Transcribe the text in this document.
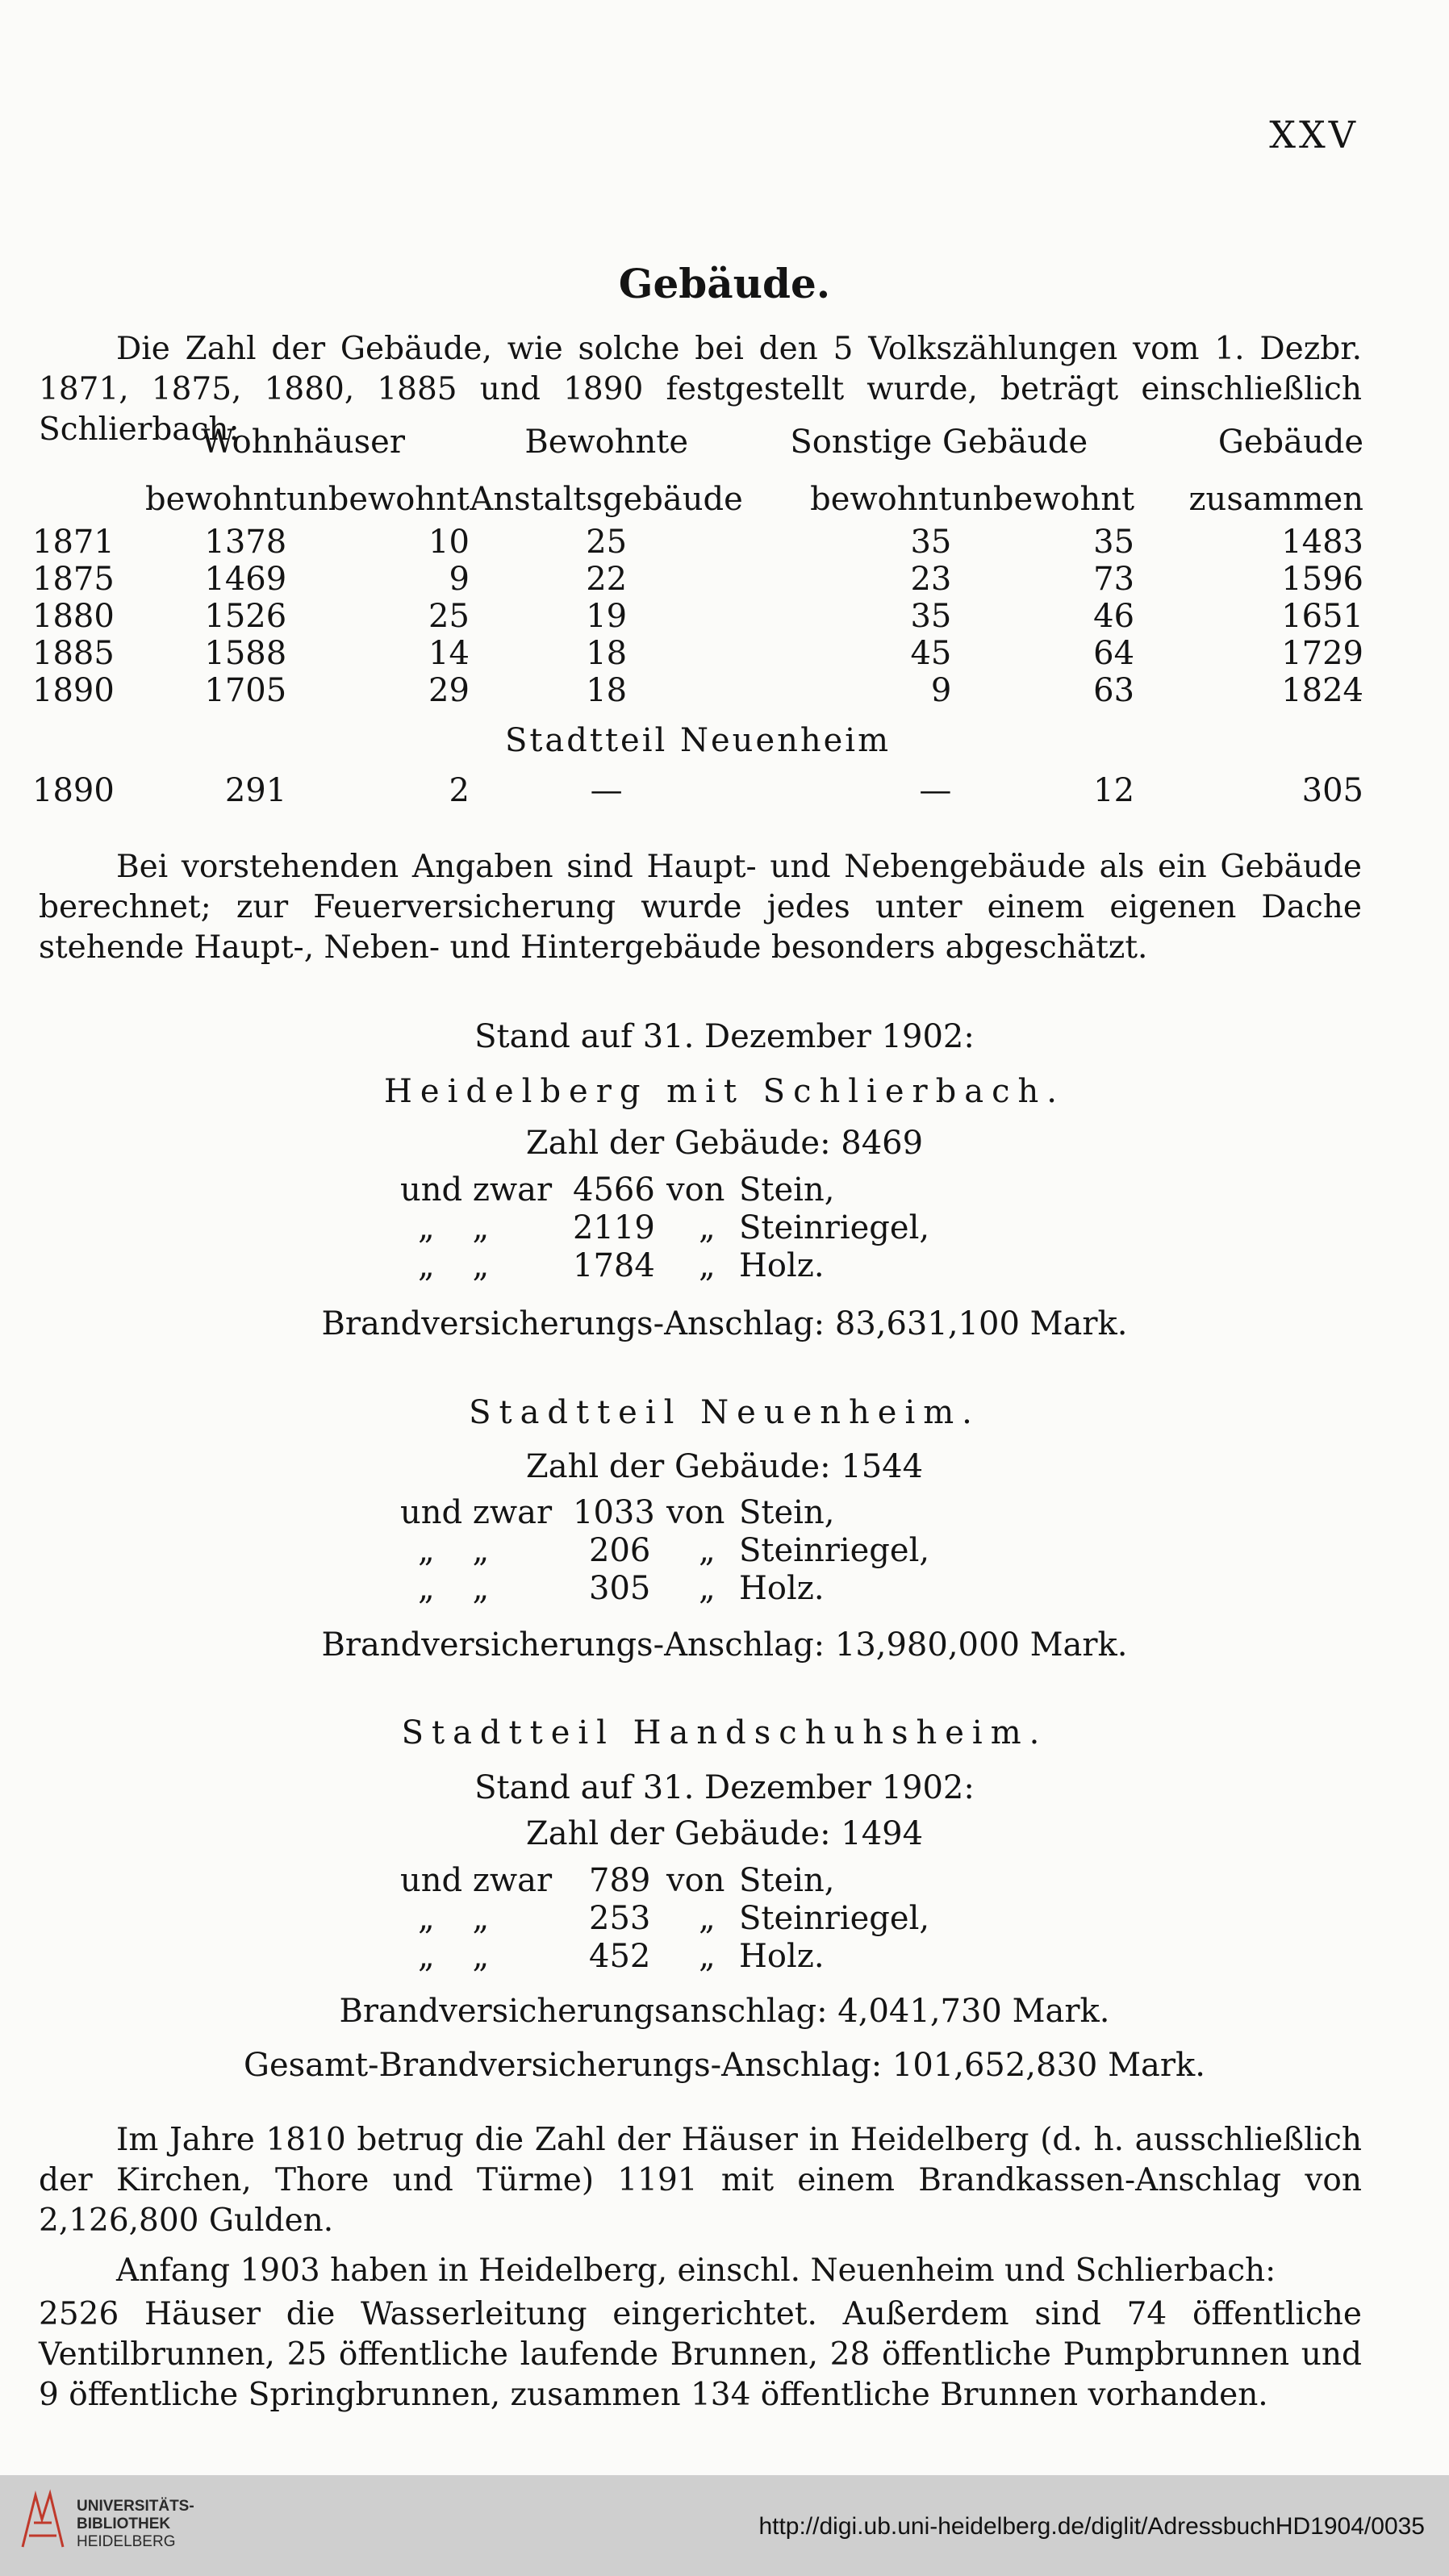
XXV
Gebäude.
Die Zahl der Gebäude, wie solche bei den 5 Volkszählungen vom 1. Dezbr. 1871, 1875, 1880, 1885 und 1890 festgestellt wurde, beträgt einschließlich Schlierbach:
	Wohnhäuser		Bewohnte	Sonstige Gebäude		Gebäude
	bewohnt	unbewohnt	Anstaltsgebäude	bewohnt	unbewohnt	zusammen
1871	1378	10	25	35	35	1483
1875	1469	9	22	23	73	1596
1880	1526	25	19	35	46	1651
1885	1588	14	18	45	64	1729
1890	1705	29	18	9	63	1824
Stadtteil Neuenheim						
1890	291	2	—	—	12	305
Bei vorstehenden Angaben sind Haupt- und Nebengebäude als ein Gebäude berechnet; zur Feuerversicherung wurde jedes unter einem eigenen Dache stehende Haupt-, Neben- und Hintergebäude besonders abgeschätzt.
Stand auf 31. Dezember 1902:
Heidelberg mit Schlierbach.
Zahl der Gebäude: 8469
und zwar 4566 von Stein,
„ „	2119 „ Steinriegel,
„ „	1784 „ Holz.
Brandversicherungs-Anschlag: 83,631,100 Mark.
Stadtteil Neuenheim.
Zahl der Gebäude: 1544
und zwar 1033 von Stein,
„ „	206 „ Steinriegel,
„ „	305 „ Holz.
Brandversicherungs-Anschlag: 13,980,000 Mark.
Stadtteil Handschuhsheim.
Stand auf 31. Dezember 1902:
Zahl der Gebäude: 1494
und zwar 789 von Stein,
„ „	253 „ Steinriegel,
„ „	452 „ Holz.
Brandversicherungsanschlag: 4,041,730 Mark.
Gesamt-Brandversicherungs-Anschlag: 101,652,830 Mark.
Im Jahre 1810 betrug die Zahl der Häuser in Heidelberg (d. h. ausschließlich der Kirchen, Thore und Türme) 1191 mit einem Brandkassen-Anschlag von 2,126,800 Gulden.
Anfang 1903 haben in Heidelberg, einschl. Neuenheim und Schlierbach:
2526 Häuser die Wasserleitung eingerichtet. Außerdem sind 74 öffentliche Ventilbrunnen, 25 öffentliche laufende Brunnen, 28 öffentliche Pumpbrunnen und 9 öffentliche Springbrunnen, zusammen 134 öffentliche Brunnen vorhanden.
UNIVERSITÄTS-
BIBLIOTHEK
HEIDELBERG
http://digi.ub.uni-heidelberg.de/diglit/AdressbuchHD1904/0035
